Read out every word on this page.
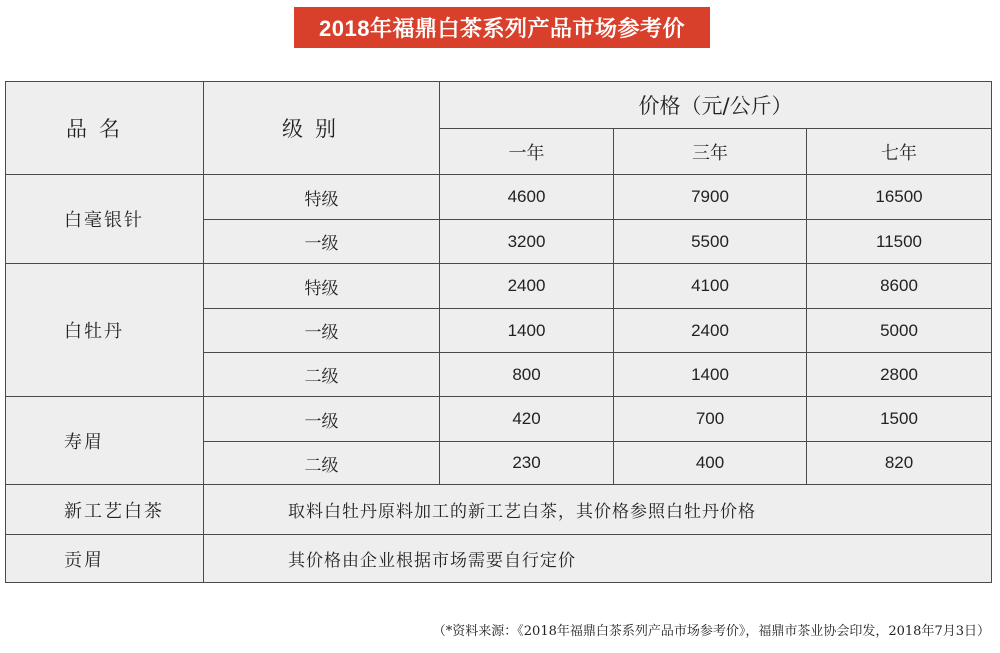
2018年福鼎白茶系列产品市场参考价
品名	级别	价格（元/公斤）		
		一年	三年	七年
白毫银针	特级	4600	7900	16500
	一级	3200	5500	11500
白牡丹	特级	2400	4100	8600
	一级	1400	2400	5000
	二级	800	1400	2800
寿眉	一级	420	700	1500
	二级	230	400	820
新工艺白茶	取料白牡丹原料加工的新工艺白茶，其价格参照白牡丹价格			
贡眉	其价格由企业根据市场需要自行定价			
（*资料来源：《2018年福鼎白茶系列产品市场参考价》，福鼎市茶业协会印发，2018年7月3日）
